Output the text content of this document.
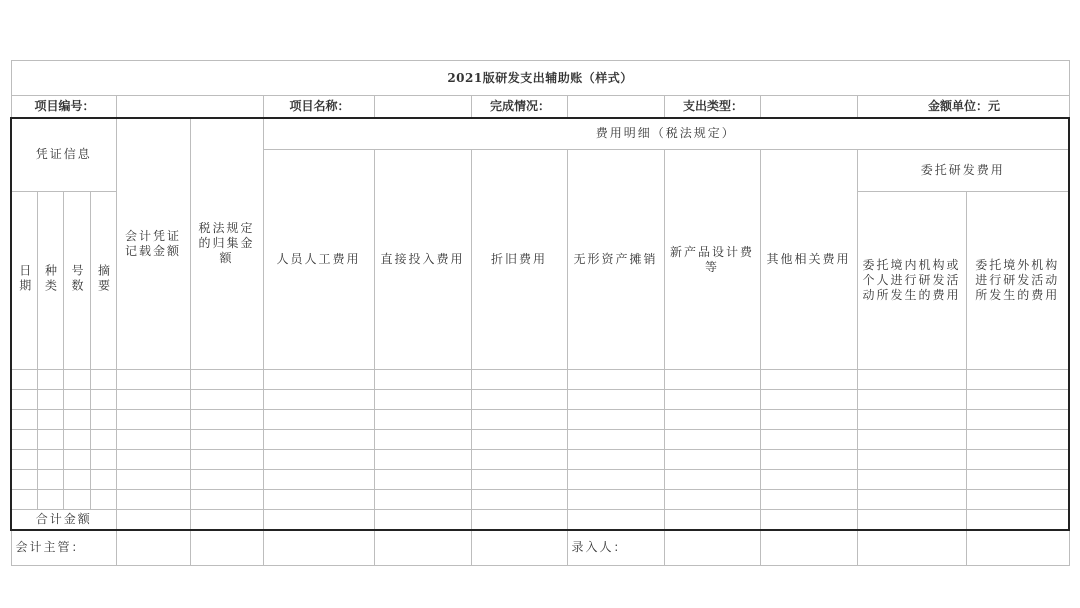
2021版研发支出辅助账（样式）													
项目编号：						项目名称：		完成情况：		支出类型：		金额单位：元	
凭证信息				会计凭证记载金额	税法规定的归集金额	费用明细（税法规定）							

						人员人工费用	直接投入费用	折旧费用	无形资产摊销	新产品设计费等	其他相关费用	委托研发费用	
日期	种类	号数	摘要									委托境内机构或个人进行研发活动所发生的费用	委托境外机构进行研发活动所发生的费用

合计金额													
会计主管：									录入人：				
